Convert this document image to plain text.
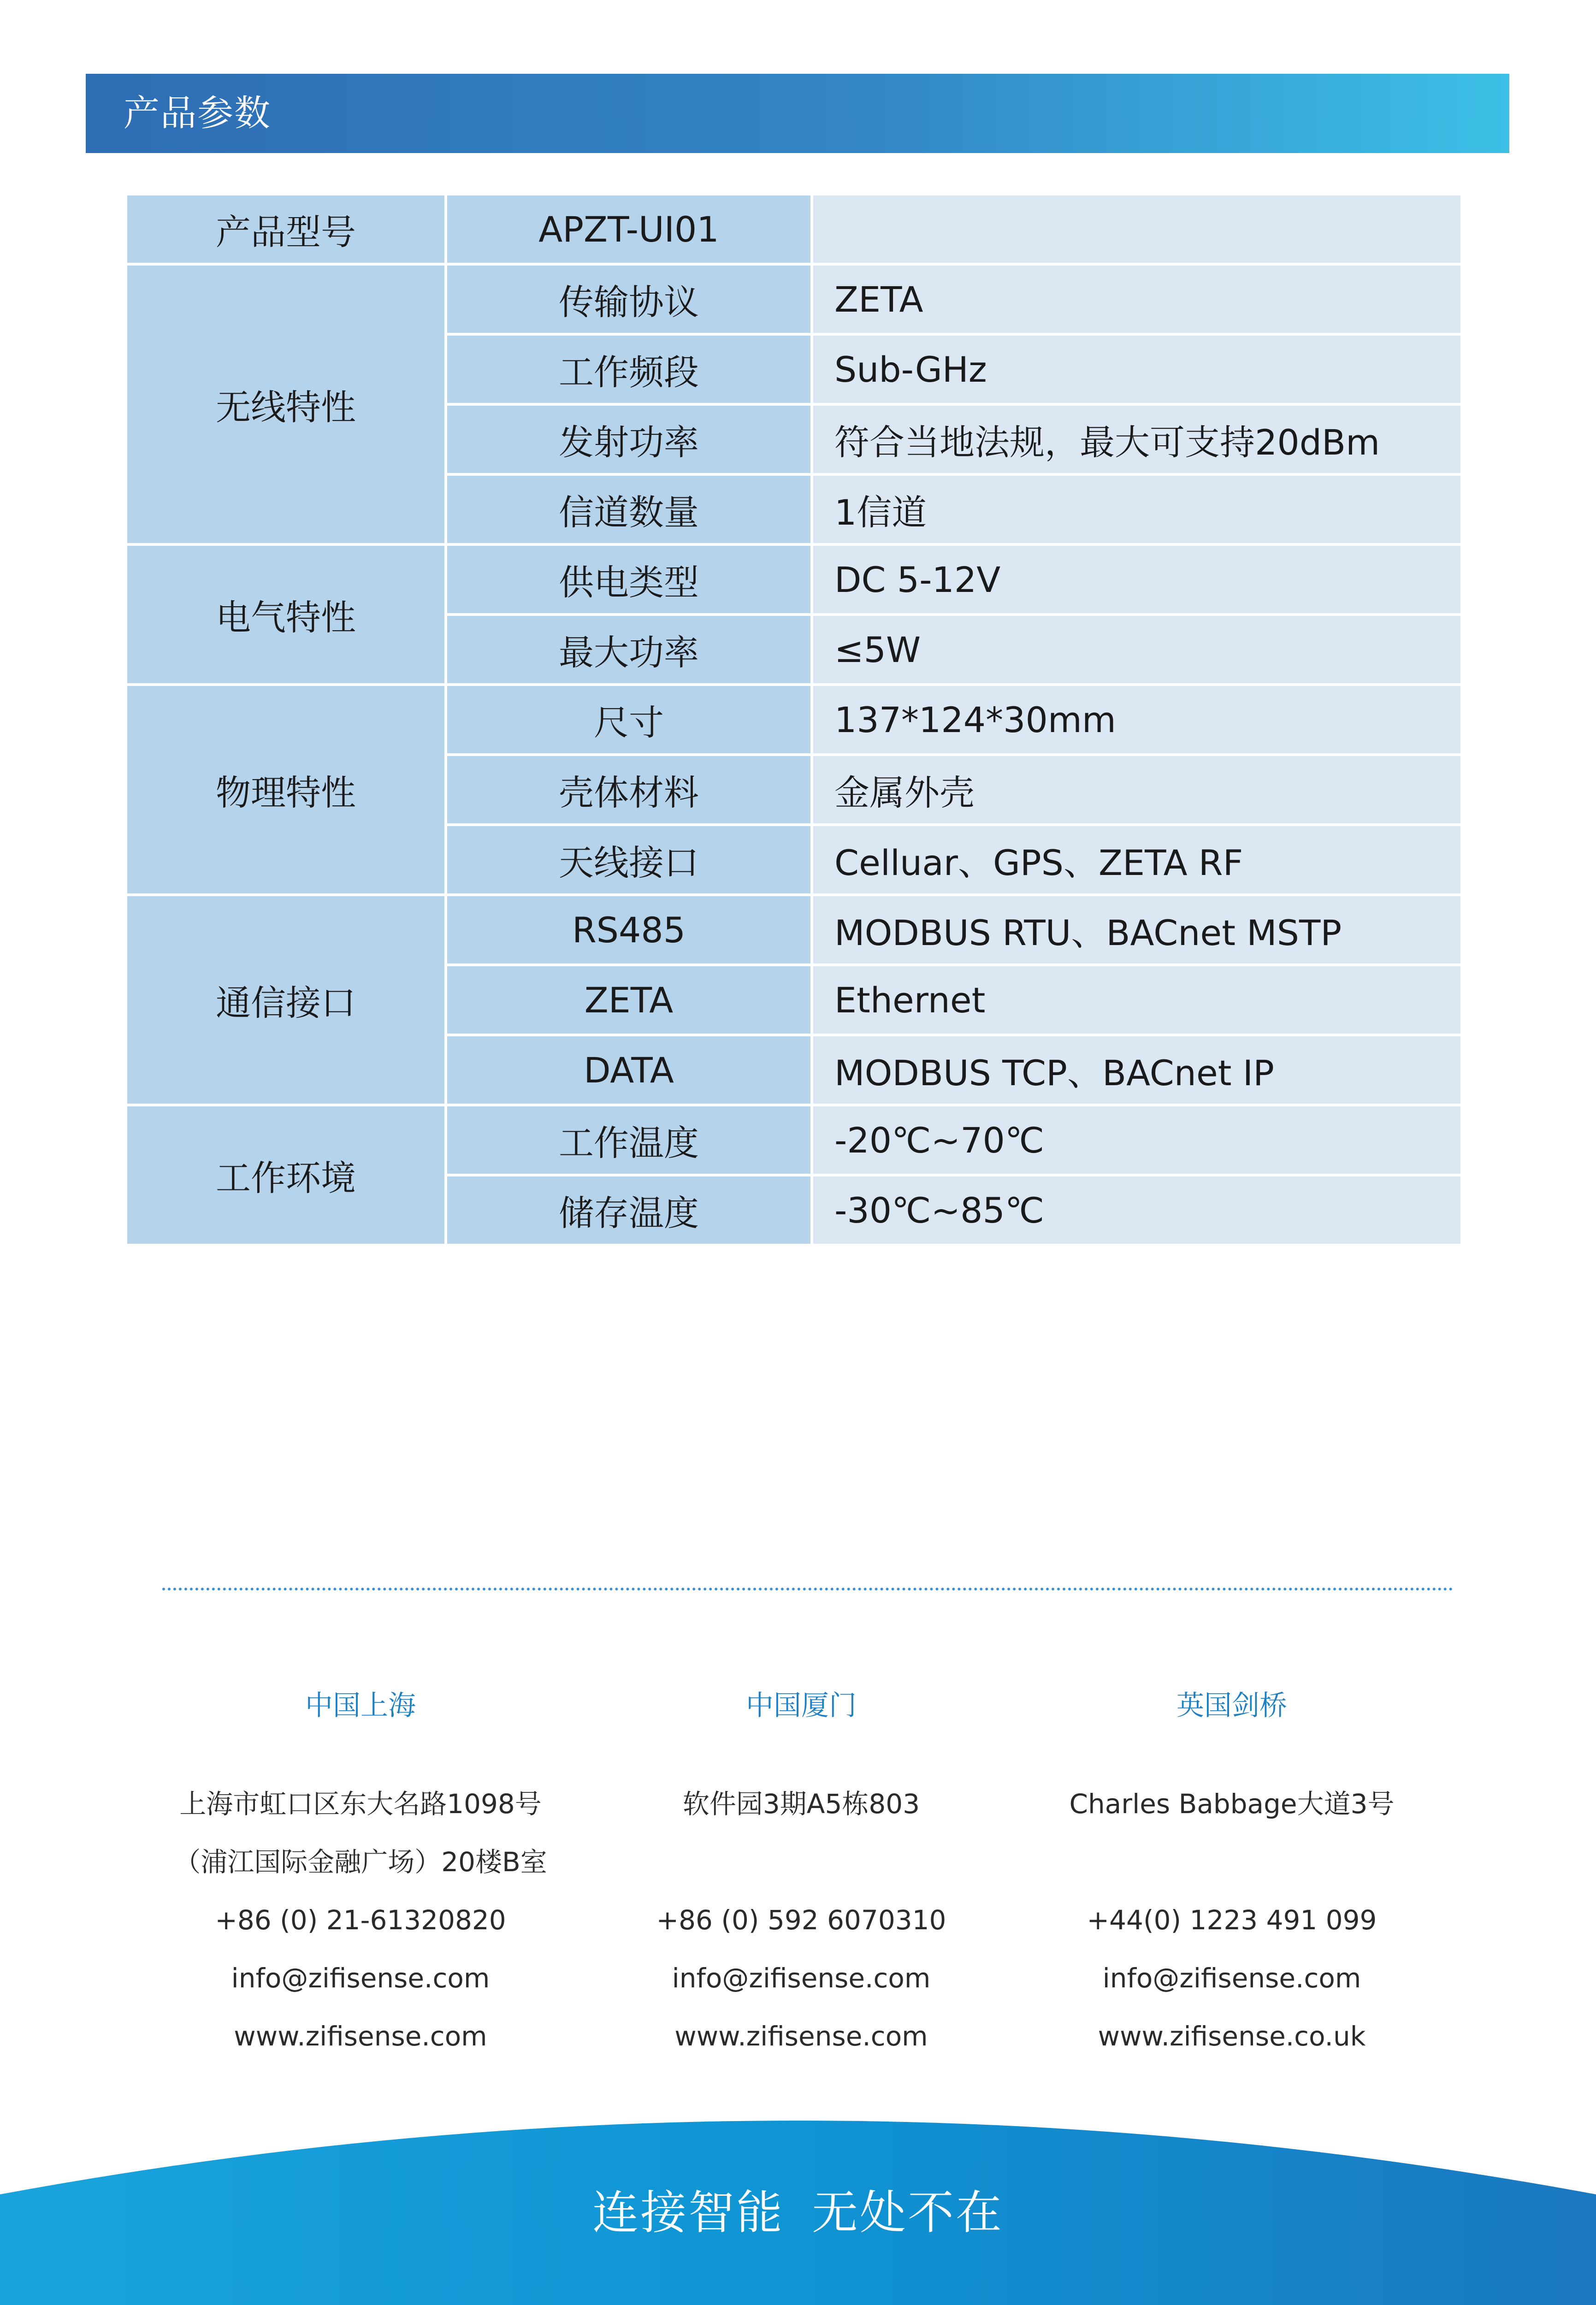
产品参数
产品型号	APZT-UI01	
无线特性	传输协议	ZETA
	工作频段	Sub-GHz
	发射功率	符合当地法规，最大可支持20dBm
	信道数量	1信道
电气特性	供电类型	DC 5-12V
	最大功率	≤5W
物理特性	尺寸	137*124*30mm
	壳体材料	金属外壳
	天线接口	Celluar、GPS、ZETA RF
通信接口	RS485	MODBUS RTU、BACnet MSTP
	ZETA	Ethernet
	DATA	MODBUS TCP、BACnet IP
工作环境	工作温度	-20℃~70℃
	储存温度	-30℃~85℃
中国上海
上海市虹口区东大名路1098号
（浦江国际金融广场）20楼B室
+86 (0) 21-61320820
info@zifisense.com
www.zifisense.com
中国厦门
软件园3期A5栋803
+86 (0) 592 6070310
info@zifisense.com
www.zifisense.com
英国剑桥
Charles Babbage大道3号
+44(0) 1223 491 099
info@zifisense.com
www.zifisense.co.uk
连接智能 无处不在
